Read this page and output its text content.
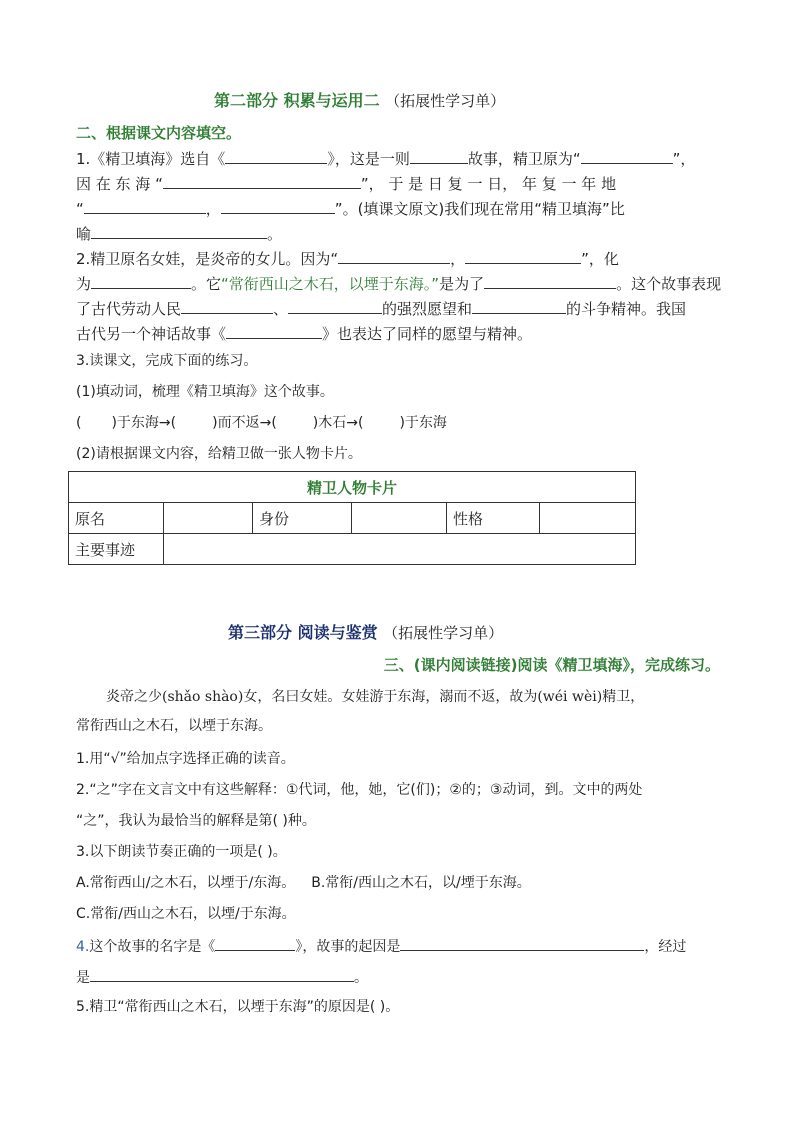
第二部分 积累与运用二 （拓展性学习单）
二、根据课文内容填空。
1.《精卫填海》选自《	》，这是一则	故事，精卫原为“	”，
因 在 东 海 “	”， 于 是 日 复 一 日， 年 复 一 年 地
“	，	”。(填课文原文)我们现在常用“精卫填海”比
喻	。
2.精卫原名女娃，是炎帝的女儿。因为“	，	”，化
为	。它“常衔西山之木石，以堙于东海。”是为了	。这个故事表现
了古代劳动人民	、	的强烈愿望和	的斗争精神。我国
古代另一个神话故事《	》也表达了同样的愿望与精神。
3.读课文，完成下面的练习。
(1)填动词，梳理《精卫填海》这个故事。
( )于东海→(	)而不返→(	)木石→(	)于东海
(2)请根据课文内容，给精卫做一张人物卡片。
精卫人物卡片					
原名		身份		性格	
主要事迹					
第三部分 阅读与鉴赏 （拓展性学习单）
三、(课内阅读链接)阅读《精卫填海》，完成练习。
炎帝之少(shǎo shào)女，名曰女娃。女娃游于东海，溺而不返，故为(wéi wèi)精卫，
常衔西山之木石，以堙于东海。
1.用“√”给加点字选择正确的读音。
2.“之”字在文言文中有这些解释：①代词，他，她，它(们)；②的；③动词，到。文中的两处
“之”，我认为最恰当的解释是第( )种。
3.以下朗读节奏正确的一项是( )。
A.常衔西山/之木石，以堙于/东海。 B.常衔/西山之木石，以/堙于东海。
C.常衔/西山之木石，以堙/于东海。
4.这个故事的名字是《	》，故事的起因是	，经过
是	。
5.精卫“常衔西山之木石，以堙于东海”的原因是( )。
